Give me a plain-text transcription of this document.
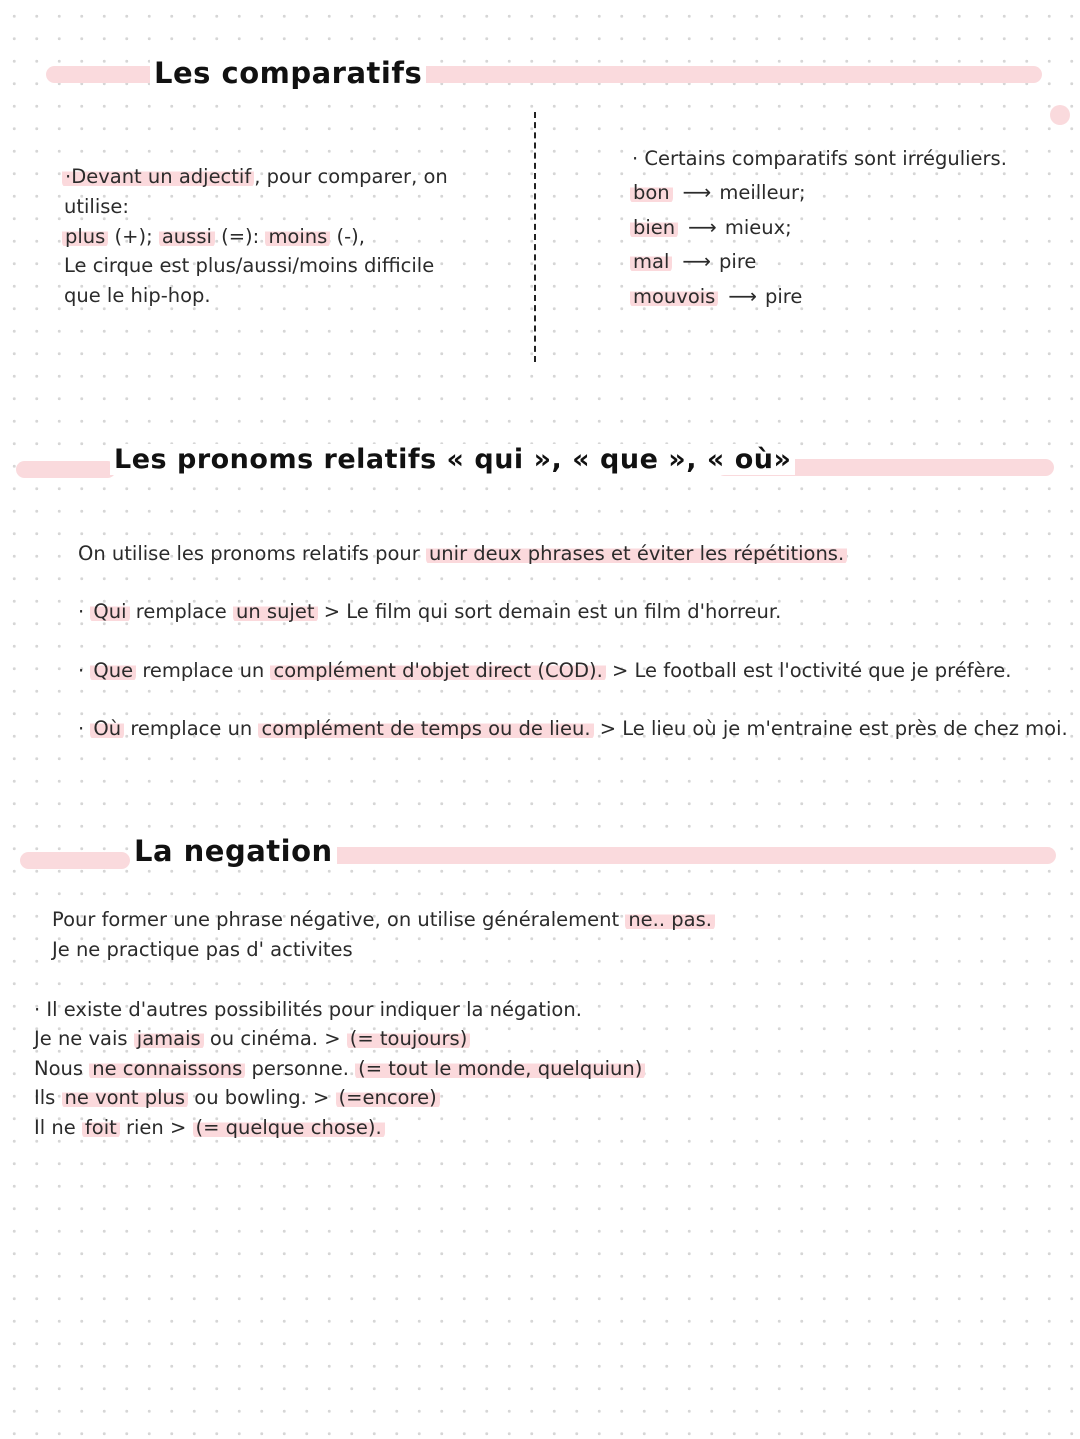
Les comparatifs
·Devant un adjectif , pour comparer, on
utilise:
plus (+); aussi (=): moins (-),
Le cirque est plus/aussi/moins difficile
que le hip-hop.
· Certains comparatifs sont irréguliers.
bon ⟶ meilleur;
bien ⟶ mieux;
mal ⟶ pire
mouvois ⟶ pire
Les pronoms relatifs « qui », « que », « où»
On utilise les pronoms relatifs pour unir deux phrases et éviter les répétitions.
· Qui remplace un sujet > Le film qui sort demain est un film d'horreur.
· Que remplace un complément d'objet direct (COD). > Le football est l'octivité que je préfère.
· Où remplace un complément de temps ou de lieu. > Le lieu où je m'entraine est près de chez moi.
La negation
Pour former une phrase négative, on utilise généralement ne.. pas.
Je ne practique pas d' activites
· Il existe d'autres possibilités pour indiquer la négation.
Je ne vais jamais ou cinéma. > (= toujours)
Nous ne connaissons personne. (= tout le monde, quelquiun)
Ils ne vont plus ou bowling. > (=encore)
Il ne foit rien > (= quelque chose).
